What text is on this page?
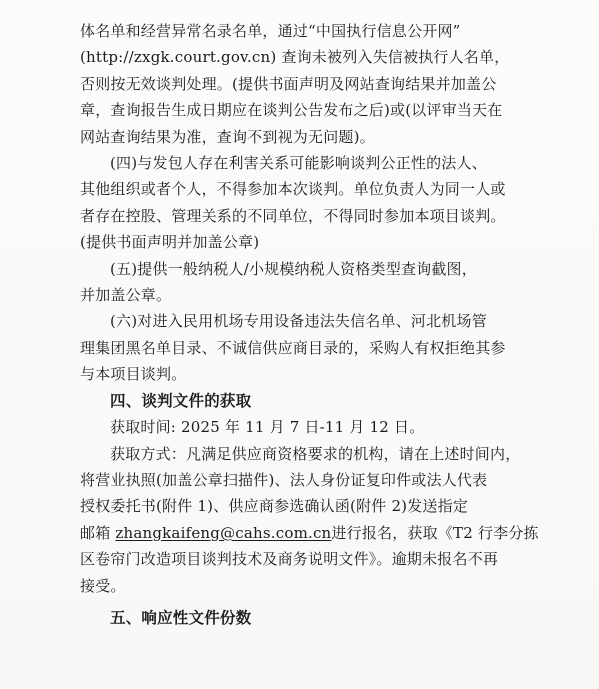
体名单和经营异常名录名单，通过“中国执行信息公开网”

(http://zxgk.court.gov.cn) 查询未被列入失信被执行人名单，

否则按无效谈判处理。(提供书面声明及网站查询结果并加盖公

章，查询报告生成日期应在谈判公告发布之后)或(以评审当天在

网站查询结果为准，查询不到视为无问题)。

(四)与发包人存在利害关系可能影响谈判公正性的法人、

其他组织或者个人，不得参加本次谈判。单位负责人为同一人或

者存在控股、管理关系的不同单位，不得同时参加本项目谈判。

(提供书面声明并加盖公章)

(五)提供一般纳税人/小规模纳税人资格类型查询截图，

并加盖公章。

(六)对进入民用机场专用设备违法失信名单、河北机场管

理集团黑名单目录、不诚信供应商目录的，采购人有权拒绝其参

与本项目谈判。

四、谈判文件的获取

获取时间: 2025 年 11 月 7 日-11 月 12 日。

获取方式：凡满足供应商资格要求的机构，请在上述时间内，

将营业执照(加盖公章扫描件)、法人身份证复印件或法人代表

授权委托书(附件 1)、供应商参选确认函(附件 2)发送指定

邮箱 zhangkaifeng@cahs.com.cn进行报名，获取《T2 行李分拣

区卷帘门改造项目谈判技术及商务说明文件》。逾期未报名不再

接受。

五、响应性文件份数
